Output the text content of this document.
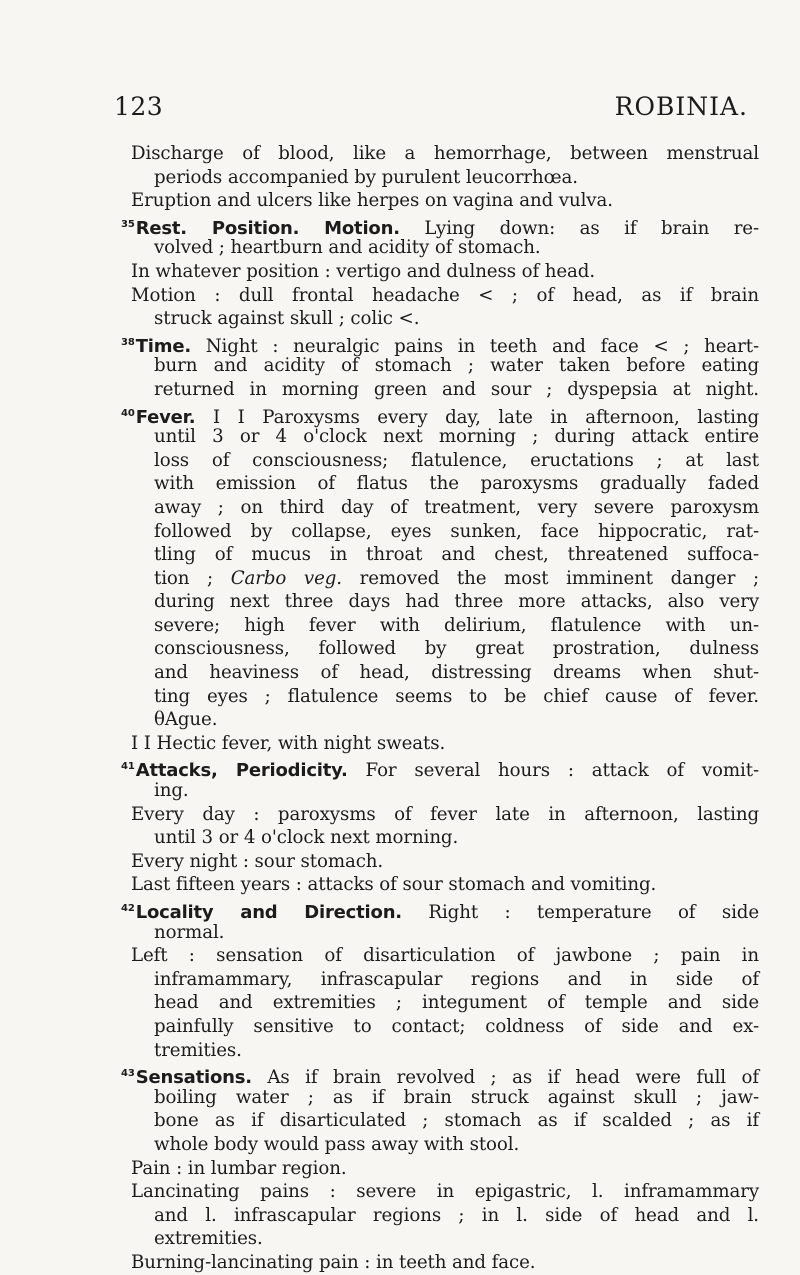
123	ROBINIA.
Discharge of blood, like a hemorrhage, between menstrual
periods accompanied by purulent leucorrhœa.
Eruption and ulcers like herpes on vagina and vulva.
$^{35}$Rest. Position. Motion. Lying down: as if brain re-
volved ; heartburn and acidity of stomach.
In whatever position : vertigo and dulness of head.
Motion : dull frontal headache < ; of head, as if brain
struck against skull ; colic <.
$^{38}$Time. Night : neuralgic pains in teeth and face < ; heart-
burn and acidity of stomach ; water taken before eating
returned in morning green and sour ; dyspepsia at night.
$^{40}$Fever. I I Paroxysms every day, late in afternoon, lasting
until 3 or 4 o'clock next morning ; during attack entire
loss of consciousness; flatulence, eructations ; at last
with emission of flatus the paroxysms gradually faded
away ; on third day of treatment, very severe paroxysm
followed by collapse, eyes sunken, face hippocratic, rat-
tling of mucus in throat and chest, threatened suffoca-
tion ; Carbo veg. removed the most imminent danger ;
during next three days had three more attacks, also very
severe; high fever with delirium, flatulence with un-
consciousness, followed by great prostration, dulness
and heaviness of head, distressing dreams when shut-
ting eyes ; flatulence seems to be chief cause of fever.
θAgue.
I I Hectic fever, with night sweats.
$^{41}$Attacks, Periodicity. For several hours : attack of vomit-
ing.
Every day : paroxysms of fever late in afternoon, lasting
until 3 or 4 o'clock next morning.
Every night : sour stomach.
Last fifteen years : attacks of sour stomach and vomiting.
$^{42}$Locality and Direction. Right : temperature of side
normal.
Left : sensation of disarticulation of jawbone ; pain in
inframammary, infrascapular regions and in side of
head and extremities ; integument of temple and side
painfully sensitive to contact; coldness of side and ex-
tremities.
$^{43}$Sensations. As if brain revolved ; as if head were full of
boiling water ; as if brain struck against skull ; jaw-
bone as if disarticulated ; stomach as if scalded ; as if
whole body would pass away with stool.
Pain : in lumbar region.
Lancinating pains : severe in epigastric, l. inframammary
and l. infrascapular regions ; in l. side of head and l.
extremities.
Burning-lancinating pain : in teeth and face.
